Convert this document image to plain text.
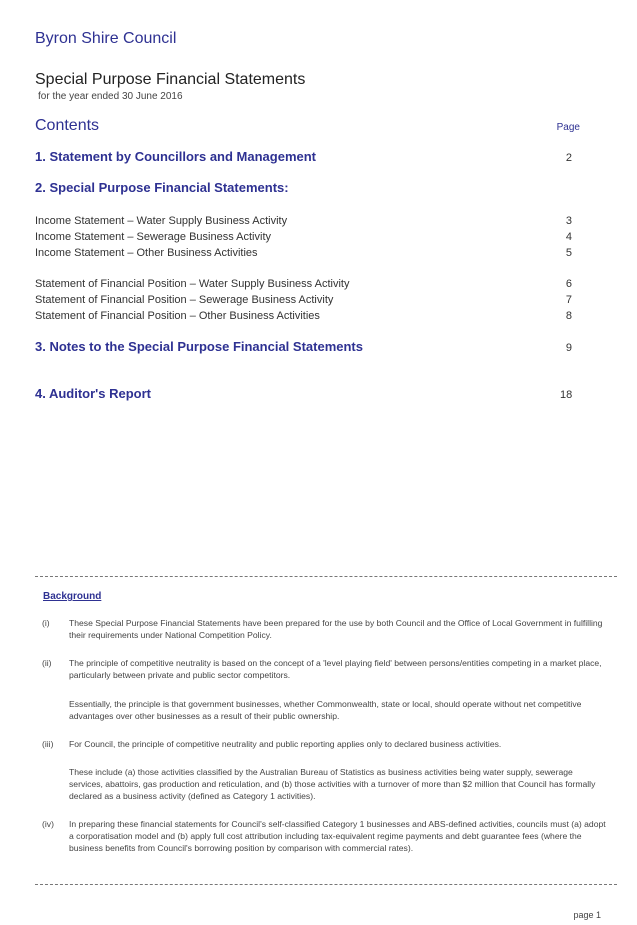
Byron Shire Council
Special Purpose Financial Statements
for the year ended 30 June 2016
Contents	Page
1. Statement by Councillors and Management	2
2. Special Purpose Financial Statements:
Income Statement – Water Supply Business Activity	3
Income Statement – Sewerage Business Activity	4
Income Statement – Other Business Activities	5
Statement of Financial Position – Water Supply Business Activity	6
Statement of Financial Position – Sewerage Business Activity	7
Statement of Financial Position – Other Business Activities	8
3. Notes to the Special Purpose Financial Statements	9
4. Auditor's Report	18
Background
(i)	These Special Purpose Financial Statements have been prepared for the use by both Council and the Office of Local Government in fulfilling their requirements under National Competition Policy.
(ii)	The principle of competitive neutrality is based on the concept of a 'level playing field' between persons/entities competing in a market place, particularly between private and public sector competitors.
Essentially, the principle is that government businesses, whether Commonwealth, state or local, should operate without net competitive advantages over other businesses as a result of their public ownership.
(iii)	For Council, the principle of competitive neutrality and public reporting applies only to declared business activities.
These include (a) those activities classified by the Australian Bureau of Statistics as business activities being water supply, sewerage services, abattoirs, gas production and reticulation, and (b) those activities with a turnover of more than $2 million that Council has formally declared as a business activity (defined as Category 1 activities).
(iv)	In preparing these financial statements for Council's self-classified Category 1 businesses and ABS-defined activities, councils must (a) adopt a corporatisation model and (b) apply full cost attribution including tax-equivalent regime payments and debt guarantee fees (where the business benefits from Council's borrowing position by comparison with commercial rates).
page 1
